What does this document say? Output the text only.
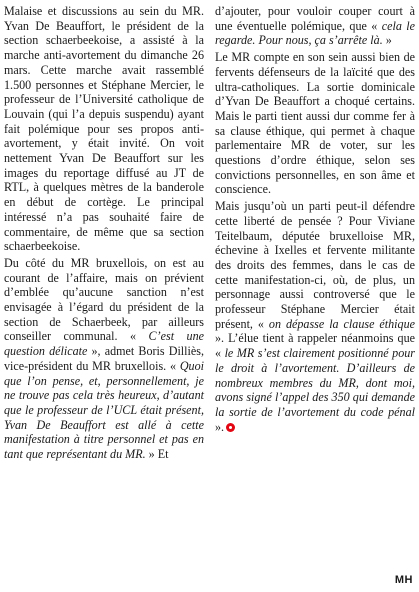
Malaise et discussions au sein du MR. Yvan De Beauffort, le président de la section schaerbeekoise, a assisté à la marche anti-avortement du dimanche 26 mars. Cette marche avait rassemblé 1.500 personnes et Stéphane Mercier, le professeur de l’Université catholique de Louvain (qui l’a depuis suspendu) ayant fait polémique pour ses propos anti-avortement, y était invité. On voit nettement Yvan De Beauffort sur les images du reportage diffusé au JT de RTL, à quelques mètres de la banderole en début de cortège. Le principal intéressé n’a pas souhaité faire de commentaire, de même que sa section schaerbeekoise.

Du côté du MR bruxellois, on est au courant de l’affaire, mais on prévient d’emblée qu’aucune sanction n’est envisagée à l’égard du président de la section de Schaerbeek, par ailleurs conseiller communal. « C’est une question délicate », admet Boris Dilliès, vice-président du MR bruxellois. « Quoi que l’on pense, et, personnellement, je ne trouve pas cela très heureux, d’autant que le professeur de l’UCL était présent, Yvan De Beauffort est allé à cette manifestation à titre personnel et pas en tant que représentant du MR. » Et

d’ajouter, pour vouloir couper court à une éventuelle polémique, que « cela le regarde. Pour nous, ça s’arrête là. »

Le MR compte en son sein aussi bien de fervents défenseurs de la laïcité que des ultra-catholiques. La sortie dominicale d’Yvan De Beauffort a choqué certains. Mais le parti tient aussi dur comme fer à sa clause éthique, qui permet à chaque parlementaire MR de voter, sur les questions d’ordre éthique, selon ses convictions personnelles, en son âme et conscience.

Mais jusqu’où un parti peut-il défendre cette liberté de pensée ? Pour Viviane Teitelbaum, députée bruxelloise MR, échevine à Ixelles et fervente militante des droits des femmes, dans le cas de cette manifestation-ci, où, de plus, un personnage aussi controversé que le professeur Stéphane Mercier était présent, « on dépasse la clause éthique ». L’élue tient à rappeler néanmoins que « le MR s’est clairement positionné pour le droit à l’avortement. D’ailleurs de nombreux membres du MR, dont moi, avons signé l’appel des 350 qui demande la sortie de l’avortement du code pénal ».

MH
